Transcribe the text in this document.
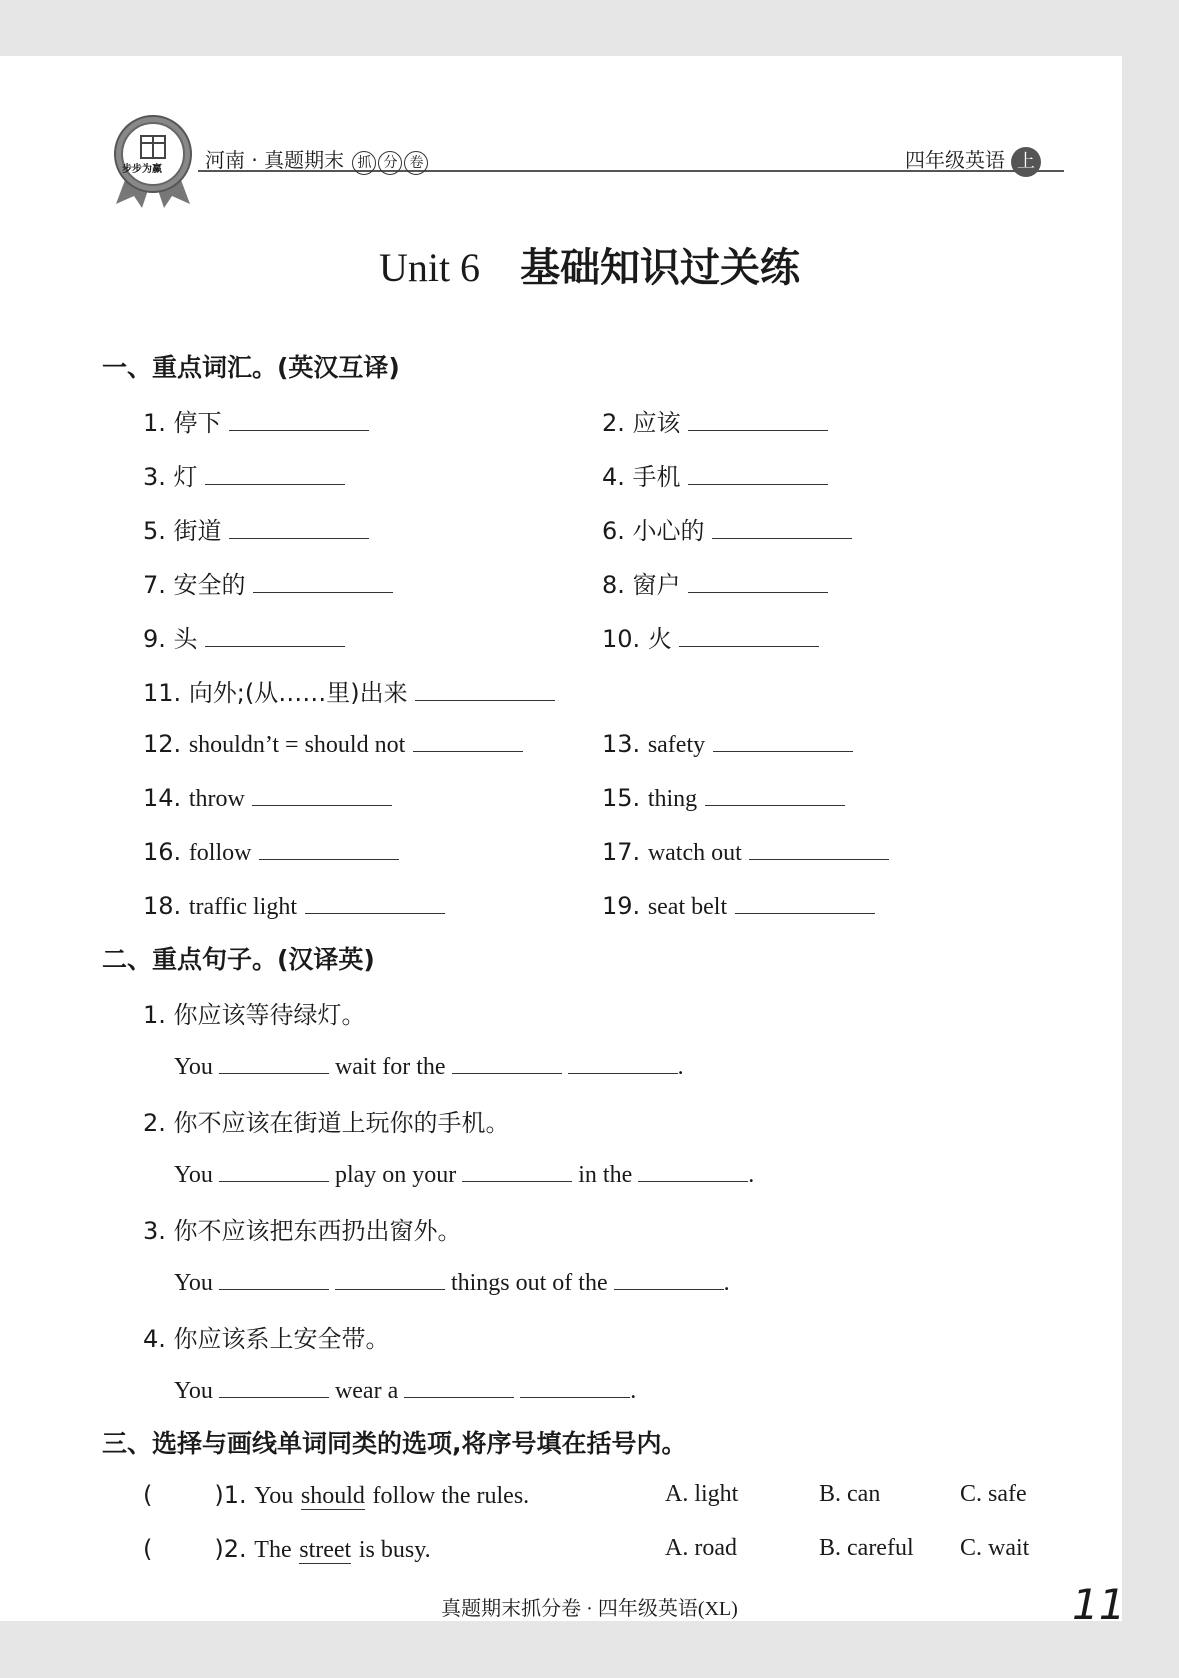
步步为赢 河南 · 真题期末 抓 分 卷	四年级英语 上
Unit 6 基础知识过关练
一、重点词汇。(英汉互译)
1. 停下	2. 应该
3. 灯	4. 手机
5. 街道	6. 小心的
7. 安全的	8. 窗户
9. 头	10. 火
11. 向外;(从……里)出来
12. shouldn’t = should not	13. safety
14. throw	15. thing
16. follow	17. watch out
18. traffic light	19. seat belt
二、重点句子。(汉译英)
1. 你应该等待绿灯。
You	wait for the	.
2. 你不应该在街道上玩你的手机。
You	play on your	in the	.
3. 你不应该把东西扔出窗外。
You	things out of the	.
4. 你应该系上安全带。
You	wear a	.
三、选择与画线单词同类的选项,将序号填在括号内。
(	)1. You should follow the rules.	A. light	B. can	C. safe
(	)2. The street is busy.	A. road	B. careful C. wait
真题期末抓分卷 · 四年级英语(XL)	11
